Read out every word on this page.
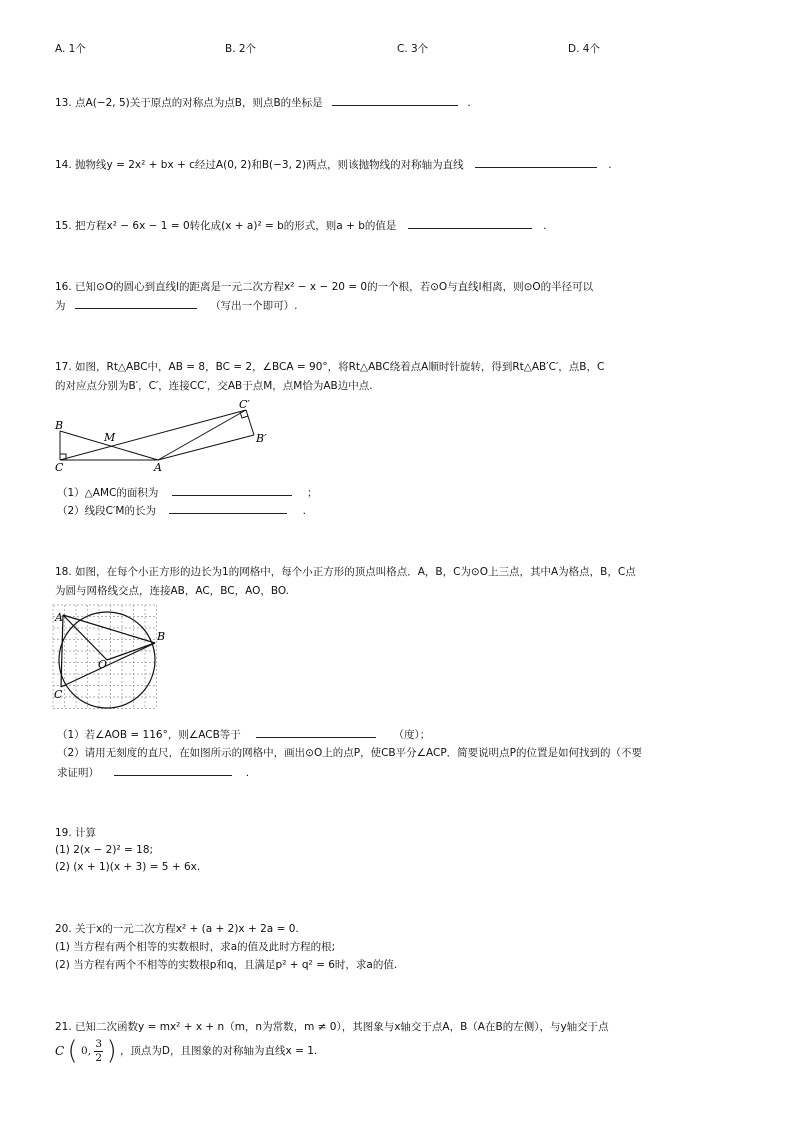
A. 1个	B. 2个	C. 3个	D. 4个
13. 点A(−2, 5)关于原点的对称点为点B，则点B的坐标是	.
14. 抛物线y = 2x² + bx + c经过A(0, 2)和B(−3, 2)两点，则该抛物线的对称轴为直线	.
15. 把方程x² − 6x − 1 = 0转化成(x + a)² = b的形式，则a + b的值是	.
16. 已知⊙O的圆心到直线l的距离是一元二次方程x² − x − 20 = 0的一个根，若⊙O与直线l相离，则⊙O的半径可以
为	（写出一个即可）.
17. 如图，Rt△ABC中，AB = 8，BC = 2，∠BCA = 90°，将Rt△ABC绕着点A顺时针旋转，得到Rt△AB′C′，点B，C
的对应点分别为B′，C′，连接CC′，交AB于点M，点M恰为AB边中点.
B
C	A
M
C′
B′
（1）△AMC的面积为	；
（2）线段C′M的长为	.
18. 如图，在每个小正方形的边长为1的网格中，每个小正方形的顶点叫格点．A，B，C为⊙O上三点，其中A为格点，B，C点
为圆与网格线交点，连接AB，AC，BC，AO，BO.
A
B
C
O
（1）若∠AOB = 116°，则∠ACB等于	（度）；
（2）请用无刻度的直尺，在如图所示的网格中，画出⊙O上的点P，使CB平分∠ACP．简要说明点P的位置是如何找到的（不要
求证明）	.
19. 计算
(1) 2(x − 2)² = 18;
(2) (x + 1)(x + 3) = 5 + 6x.
20. 关于x的一元二次方程x² + (a + 2)x + 2a = 0.
(1) 当方程有两个相等的实数根时，求a的值及此时方程的根;
(2) 当方程有两个不相等的实数根p和q，且满足p² + q² = 6时，求a的值.
21. 已知二次函数y = mx² + x + n（m，n为常数，m ≠ 0），其图象与x轴交于点A，B（A在B的左侧），与y轴交于点
C ( 0, $\frac{3}{2}$ ) ，顶点为D，且图象的对称轴为直线x = 1.
